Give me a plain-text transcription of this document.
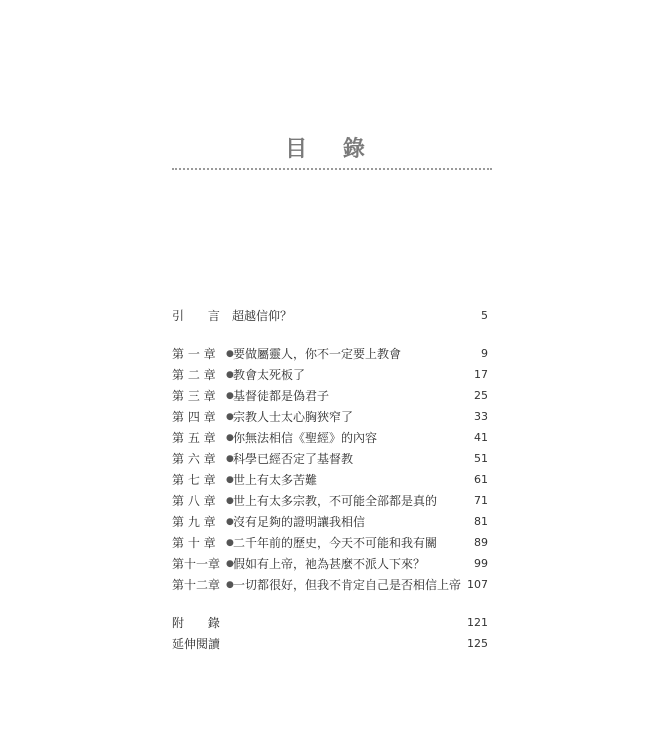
目 錄
引 言 超越信仰？	5
第 一 章 ● 要做屬靈人，你不一定要上教會	9
第 二 章 ● 教會太死板了	17
第 三 章 ● 基督徒都是偽君子	25
第 四 章 ● 宗教人士太心胸狹窄了	33
第 五 章 ● 你無法相信《聖經》的內容	41
第 六 章 ● 科學已經否定了基督教	51
第 七 章 ● 世上有太多苦難	61
第 八 章 ● 世上有太多宗教，不可能全部都是真的	71
第 九 章 ● 沒有足夠的證明讓我相信	81
第 十 章 ● 二千年前的歷史，今天不可能和我有關	89
第十一章 ● 假如有上帝，祂為甚麼不派人下來？	99
第十二章 ● 一切都很好，但我不肯定自己是否相信上帝 107
附 錄	121
延伸閱讀	125
